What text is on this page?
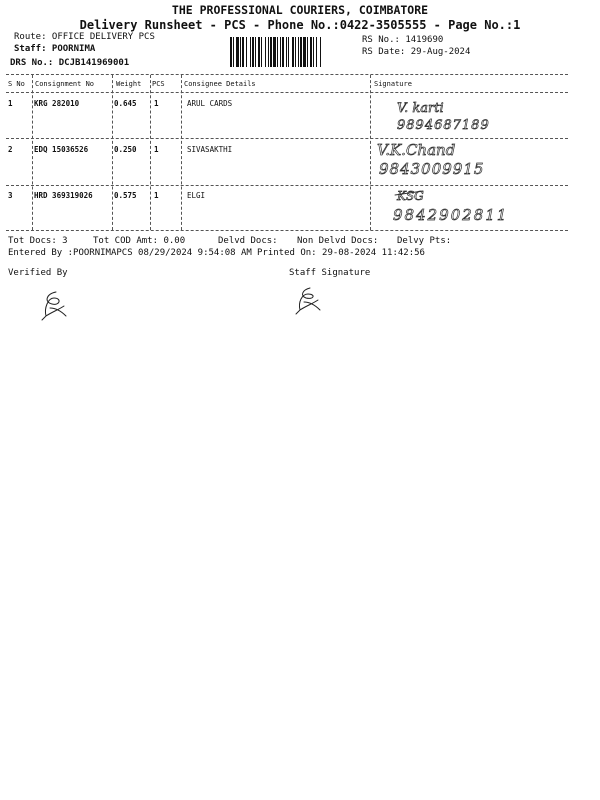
THE PROFESSIONAL COURIERS, COIMBATORE
Delivery Runsheet - PCS - Phone No.:0422-3505555 - Page No.:1
Route: OFFICE DELIVERY PCS
Staff: POORNIMA
DRS No.: DCJB141969001
RS No.: 1419690
RS Date: 29-Aug-2024
S No Consignment No	Weight PCS	Consignee Details	Signature
1	KRG 282010	0.645 1	ARUL CARDS	V. karti
9894687189
2	EDQ 15036526	0.250 1	SIVASAKTHI	V.K.Chand
9843009915
3	HRD 369319026	0.575 1	ELGI	KSG
9842902811
Tot Docs: 3	Tot COD Amt: 0.00	Delvd Docs: Non Delvd Docs: Delvy Pts:
Entered By :POORNIMAPCS 08/29/2024 9:54:08 AM Printed On: 29-08-2024 11:42:56
Verified By	Staff Signature
